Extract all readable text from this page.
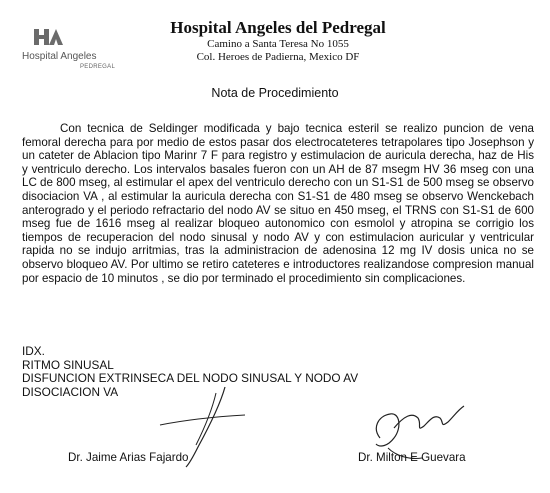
Hospital Angeles
PEDREGAL
Hospital Angeles del Pedregal
Camino a Santa Teresa No 1055
Col. Heroes de Padierna, Mexico DF
Nota de Procedimiento

Con tecnica de Seldinger modificada y bajo tecnica esteril se realizo puncion de vena femoral derecha para por medio de estos pasar dos electrocateteres tetrapolares tipo Josephson y un cateter de Ablacion tipo Marinr 7 F para registro y estimulacion de auricula derecha, haz de His y ventriculo derecho. Los intervalos basales fueron con un AH de 87 msegm HV 36 mseg con una LC de 800 mseg, al estimular el apex del ventriculo derecho con un S1-S1 de 500 mseg se observo disociacion VA , al estimular la auricula derecha con S1-S1 de 480 mseg se observo Wenckebach anterogrado y el periodo refractario del nodo AV se situo en 450 mseg, el TRNS con S1-S1 de 600 mseg fue de 1616 mseg al realizar bloqueo autonomico con esmolol y atropina se corrigio los tiempos de recuperacion del nodo sinusal y nodo AV y con estimulacion auricular y ventricular rapida no se indujo arritmias, tras la administracion de adenosina 12 mg IV dosis unica no se observo bloqueo AV. Por ultimo se retiro cateteres e introductores realizandose compresion manual por espacio de 10 minutos , se dio por terminado el procedimiento sin complicaciones.

IDX.
RITMO SINUSAL
DISFUNCION EXTRINSECA DEL NODO SINUSAL Y NODO AV
DISOCIACION VA
Dr. Jaime Arias Fajardo	Dr. Milton E Guevara
